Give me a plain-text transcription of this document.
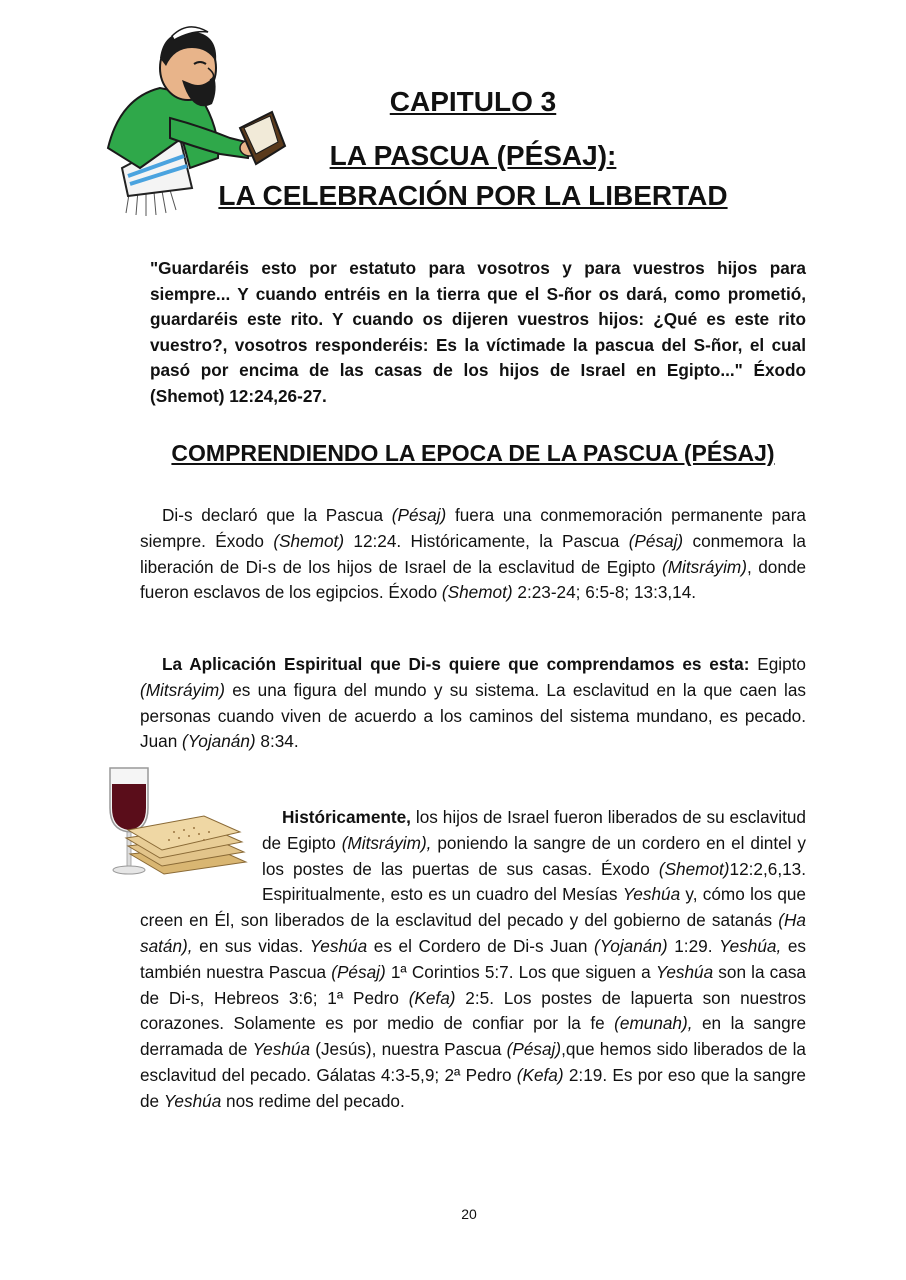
CAPITULO 3
LA PASCUA (PÉSAJ):
LA CELEBRACIÓN POR LA LIBERTAD
"Guardaréis esto por estatuto para vosotros y para vuestros hijos para siempre... Y cuando entréis en la tierra que el S-ñor os dará, como prometió, guardaréis este rito. Y cuando os dijeren vuestros hijos: ¿Qué es este rito vuestro?, vosotros responderéis: Es la víctimade la pascua del S-ñor, el cual pasó por encima de las casas de los hijos de Israel en Egipto..." Éxodo (Shemot) 12:24,26-27.
COMPRENDIENDO LA EPOCA DE LA PASCUA (PÉSAJ)
Di-s declaró que la Pascua (Pésaj) fuera una conmemoración permanente para siempre. Éxodo (Shemot) 12:24. Históricamente, la Pascua (Pésaj) conmemora la liberación de Di-s de los hijos de Israel de la esclavitud de Egipto (Mitsráyim), donde fueron esclavos de los egipcios. Éxodo (Shemot) 2:23-24; 6:5-8; 13:3,14.
La Aplicación Espiritual que Di-s quiere que comprendamos es esta: Egipto (Mitsráyim) es una figura del mundo y su sistema. La esclavitud en la que caen las personas cuando viven de acuerdo a los caminos del sistema mundano, es pecado. Juan (Yojanán) 8:34.
Históricamente, los hijos de Israel fueron liberados de su esclavitud de Egipto (Mitsráyim), poniendo la sangre de un cordero en el dintel y los postes de las puertas de sus casas. Éxodo (Shemot)12:2,6,13. Espiritualmente, esto es un cuadro del Mesías Yeshúa y, cómo los que creen en Él, son liberados de la esclavitud del pecado y del gobierno de satanás (Ha satán), en sus vidas. Yeshúa es el Cordero de Di-s Juan (Yojanán) 1:29. Yeshúa, es también nuestra Pascua (Pésaj) 1ª Corintios 5:7. Los que siguen a Yeshúa son la casa de Di-s, Hebreos 3:6; 1ª Pedro (Kefa) 2:5. Los postes de lapuerta son nuestros corazones. Solamente es por medio de confiar por la fe (emunah), en la sangre derramada de Yeshúa (Jesús), nuestra Pascua (Pésaj),que hemos sido liberados de la esclavitud del pecado. Gálatas 4:3-5,9; 2ª Pedro (Kefa) 2:19. Es por eso que la sangre de Yeshúa nos redime del pecado.
20
